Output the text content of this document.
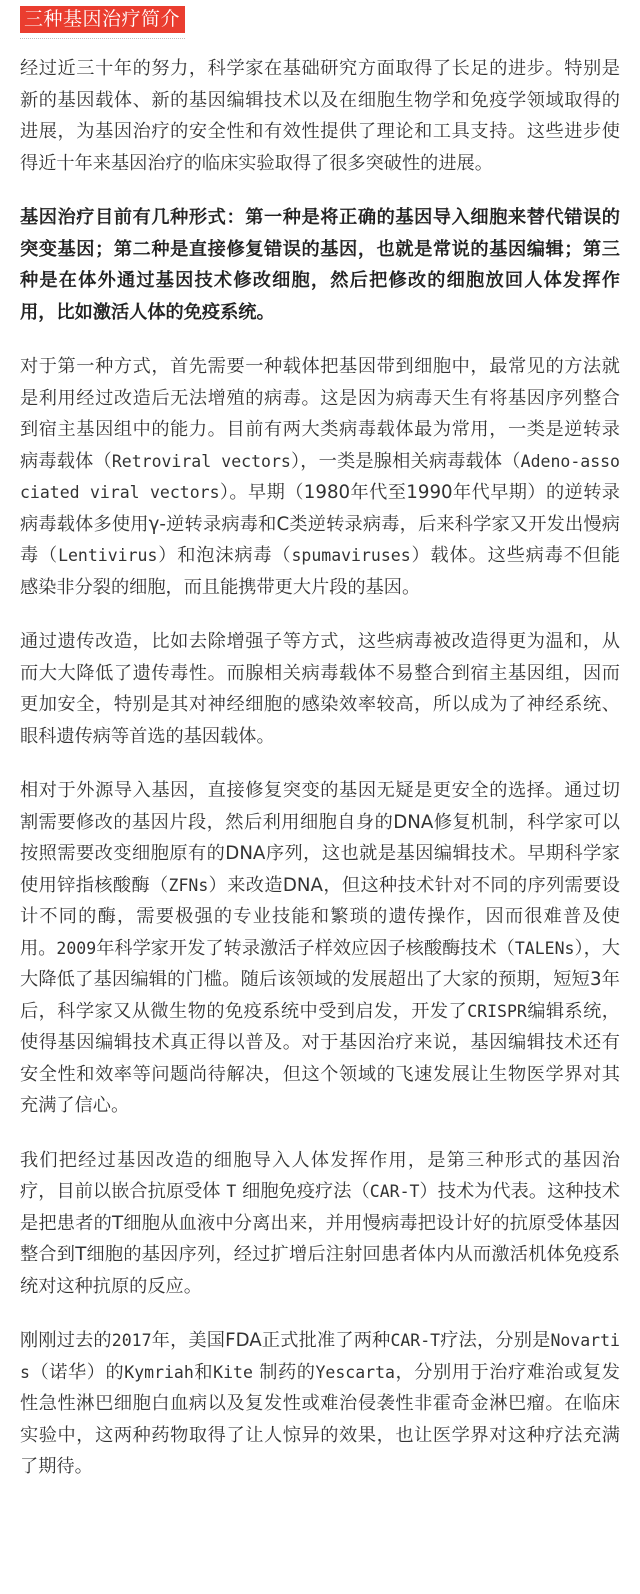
三种基因治疗简介

经过近三十年的努力，科学家在基础研究方面取得了长足的进步。特别是新的基因载体、新的基因编辑技术以及在细胞生物学和免疫学领域取得的进展，为基因治疗的安全性和有效性提供了理论和工具支持。这些进步使得近十年来基因治疗的临床实验取得了很多突破性的进展。

基因治疗目前有几种形式：第一种是将正确的基因导入细胞来替代错误的突变基因；第二种是直接修复错误的基因，也就是常说的基因编辑；第三种是在体外通过基因技术修改细胞，然后把修改的细胞放回人体发挥作用，比如激活人体的免疫系统。

对于第一种方式，首先需要一种载体把基因带到细胞中，最常见的方法就是利用经过改造后无法增殖的病毒。这是因为病毒天生有将基因序列整合到宿主基因组中的能力。目前有两大类病毒载体最为常用，一类是逆转录病毒载体（Retroviral vectors），一类是腺相关病毒载体（Adeno-associated viral vectors）。早期（1980年代至1990年代早期）的逆转录病毒载体多使用γ-逆转录病毒和C类逆转录病毒，后来科学家又开发出慢病毒（Lentivirus）和泡沫病毒（spumaviruses）载体。这些病毒不但能感染非分裂的细胞，而且能携带更大片段的基因。

通过遗传改造，比如去除增强子等方式，这些病毒被改造得更为温和，从而大大降低了遗传毒性。而腺相关病毒载体不易整合到宿主基因组，因而更加安全，特别是其对神经细胞的感染效率较高，所以成为了神经系统、眼科遗传病等首选的基因载体。

相对于外源导入基因，直接修复突变的基因无疑是更安全的选择。通过切割需要修改的基因片段，然后利用细胞自身的DNA修复机制，科学家可以按照需要改变细胞原有的DNA序列，这也就是基因编辑技术。早期科学家使用锌指核酸酶（ZFNs）来改造DNA，但这种技术针对不同的序列需要设计不同的酶，需要极强的专业技能和繁琐的遗传操作，因而很难普及使用。2009年科学家开发了转录激活子样效应因子核酸酶技术（TALENs），大大降低了基因编辑的门槛。随后该领域的发展超出了大家的预期，短短3年后，科学家又从微生物的免疫系统中受到启发，开发了CRISPR编辑系统，使得基因编辑技术真正得以普及。对于基因治疗来说，基因编辑技术还有安全性和效率等问题尚待解决，但这个领域的飞速发展让生物医学界对其充满了信心。

我们把经过基因改造的细胞导入人体发挥作用，是第三种形式的基因治疗，目前以嵌合抗原受体 T 细胞免疫疗法（CAR-T）技术为代表。这种技术是把患者的T细胞从血液中分离出来，并用慢病毒把设计好的抗原受体基因整合到T细胞的基因序列，经过扩增后注射回患者体内从而激活机体免疫系统对这种抗原的反应。

刚刚过去的2017年，美国FDA正式批准了两种CAR-T疗法，分别是Novartis（诺华）的Kymriah和Kite 制药的Yescarta，分别用于治疗难治或复发性急性淋巴细胞白血病以及复发性或难治侵袭性非霍奇金淋巴瘤。在临床实验中，这两种药物取得了让人惊异的效果，也让医学界对这种疗法充满了期待。
